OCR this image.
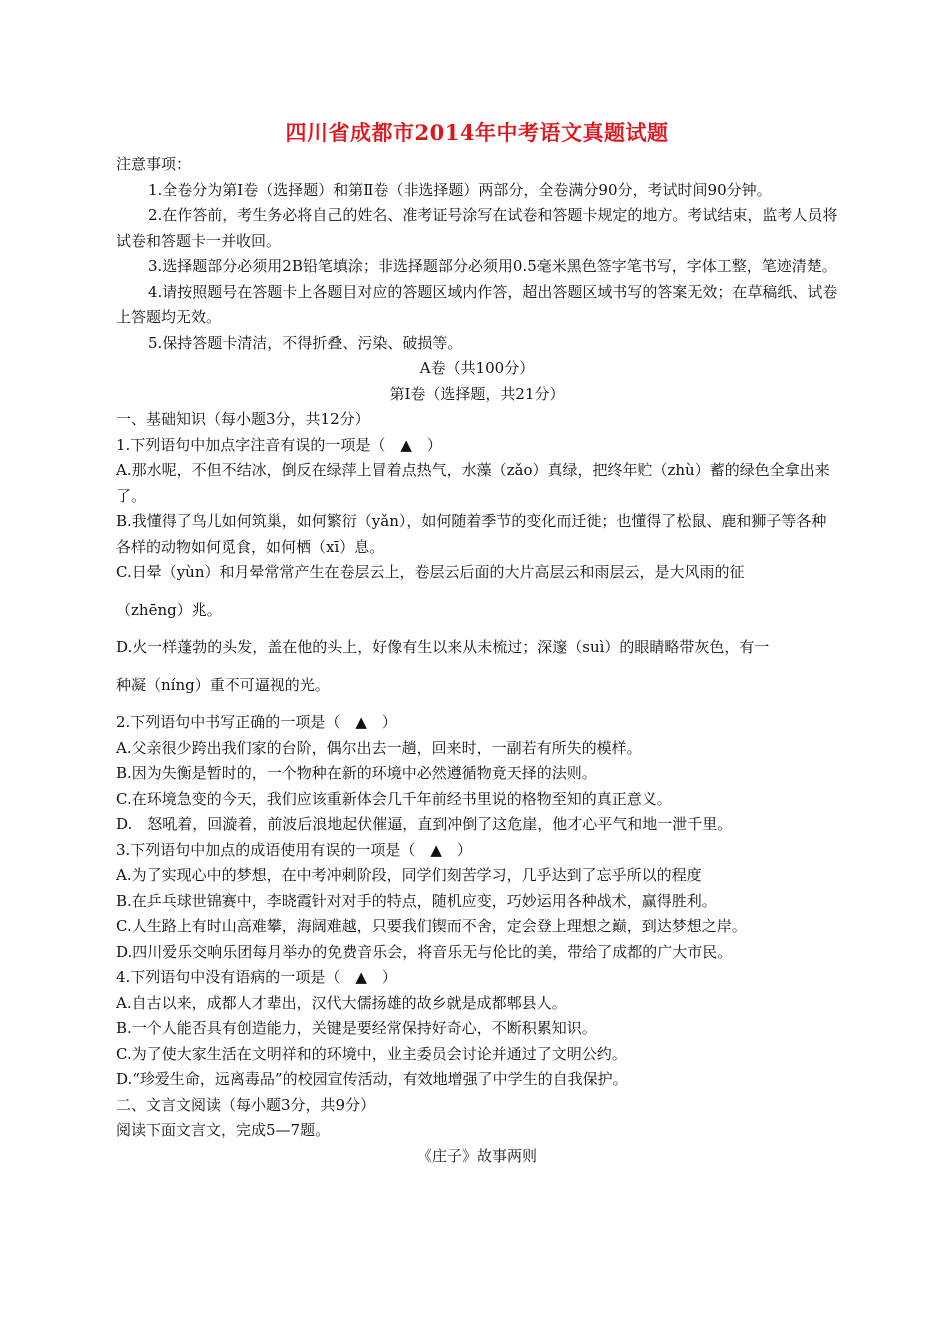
四川省成都市2014年中考语文真题试题

注意事项：

1.全卷分为第Ⅰ卷（选择题）和第Ⅱ卷（非选择题）两部分，全卷满分90分，考试时间90分钟。

2.在作答前，考生务必将自己的姓名、准考证号涂写在试卷和答题卡规定的地方。考试结束，监考人员将试卷和答题卡一并收回。

3.选择题部分必须用2B铅笔填涂；非选择题部分必须用0.5毫米黑色签字笔书写，字体工整，笔迹清楚。

4.请按照题号在答题卡上各题目对应的答题区域内作答，超出答题区域书写的答案无效；在草稿纸、试卷上答题均无效。

5.保持答题卡清洁，不得折叠、污染、破损等。

A卷（共100分）

第Ⅰ卷（选择题，共21分）

一、基础知识（每小题3分，共12分）

1.下列语句中加点字注音有误的一项是（　▲　）

A.那水呢，不但不结冰，倒反在绿萍上冒着点热气，水藻（zǎo）真绿，把终年贮（zhù）蓄的绿色全拿出来了。

B.我懂得了鸟儿如何筑巢，如何繁衍（yǎn），如何随着季节的变化而迁徙；也懂得了松鼠、鹿和狮子等各种各样的动物如何觅食，如何栖（xī）息。

C.日晕（yùn）和月晕常常产生在卷层云上，卷层云后面的大片高层云和雨层云，是大风雨的征

（zhēng）兆。

D.火一样蓬勃的头发，盖在他的头上，好像有生以来从未梳过；深邃（suì）的眼睛略带灰色，有一

种凝（níng）重不可逼视的光。

2.下列语句中书写正确的一项是（　▲　）

A.父亲很少跨出我们家的台阶，偶尔出去一趟，回来时，一副若有所失的模样。

B.因为失衡是暂时的，一个物种在新的环境中必然遵循物竟天择的法则。

C.在环境急变的今天，我们应该重新体会几千年前经书里说的格物至知的真正意义。

D.　怒吼着，回漩着，前波后浪地起伏催逼，直到冲倒了这危崖，他才心平气和地一泄千里。

3.下列语句中加点的成语使用有误的一项是（　▲　）

A.为了实现心中的梦想，在中考冲刺阶段，同学们刻苦学习，几乎达到了忘乎所以的程度

B.在乒乓球世锦赛中，李晓霞针对对手的特点，随机应变，巧妙运用各种战术，赢得胜利。

C.人生路上有时山高难攀，海阔难越，只要我们锲而不舍，定会登上理想之巅，到达梦想之岸。

D.四川爱乐交响乐团每月举办的免费音乐会，将音乐无与伦比的美，带给了成都的广大市民。

4.下列语句中没有语病的一项是（　▲　）

A.自古以来，成都人才辈出，汉代大儒扬雄的故乡就是成都郫县人。

B.一个人能否具有创造能力，关键是要经常保持好奇心，不断积累知识。

C.为了使大家生活在文明祥和的环境中，业主委员会讨论并通过了文明公约。

D.“珍爱生命，远离毒品”的校园宣传活动，有效地增强了中学生的自我保护。

二、文言文阅读（每小题3分，共9分）

阅读下面文言文，完成5—7题。

《庄子》故事两则
